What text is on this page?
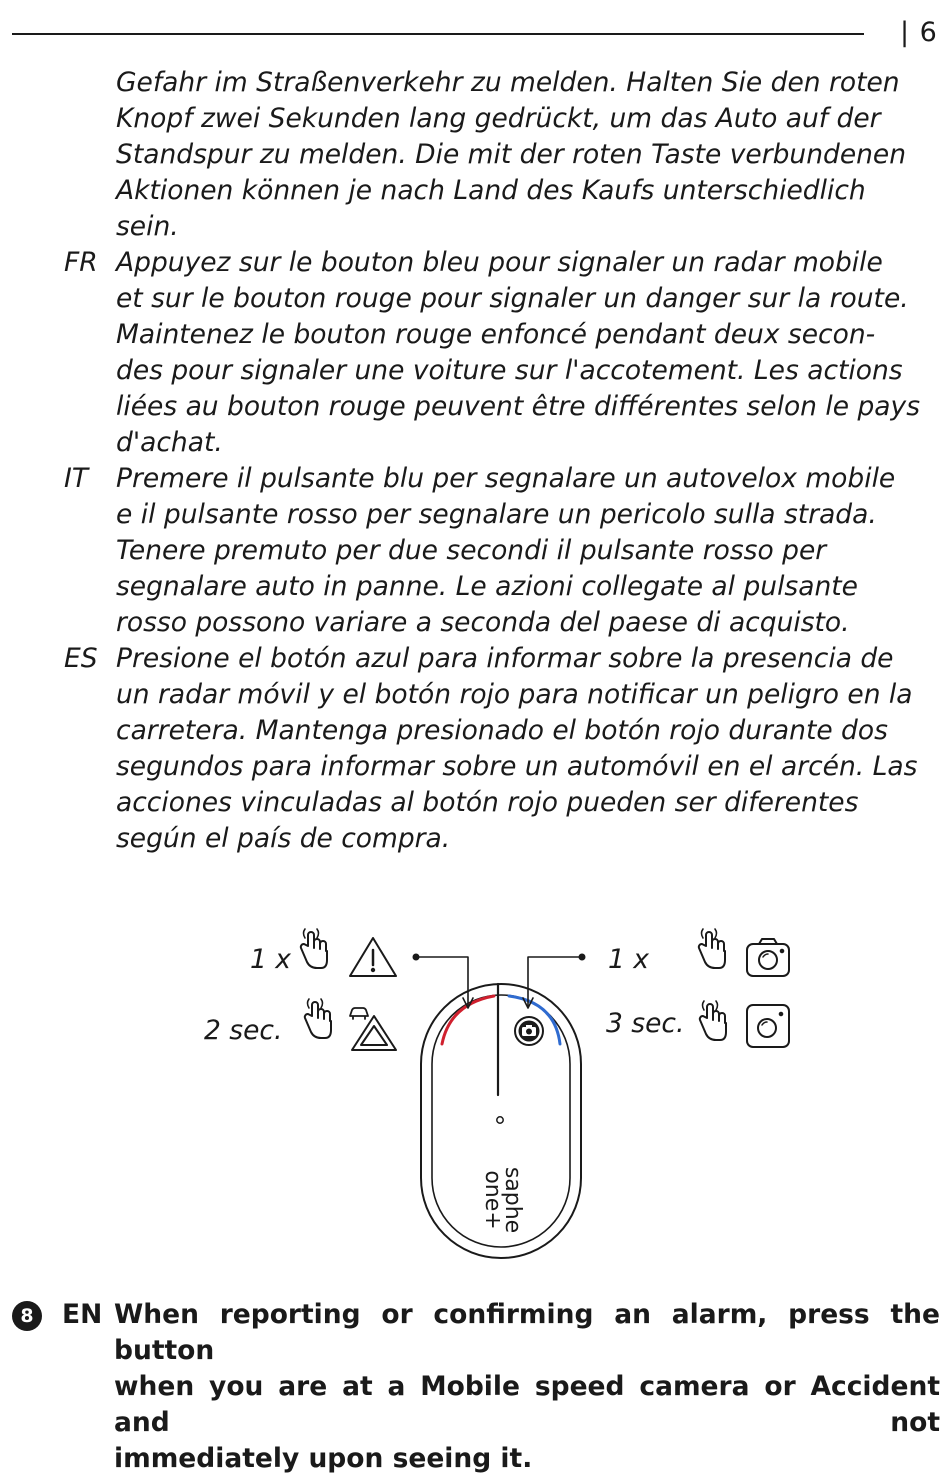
| 6
Gefahr im Straßenverkehr zu melden. Halten Sie den roten
Knopf zwei Sekunden lang gedrückt, um das Auto auf der
Standspur zu melden. Die mit der roten Taste verbundenen
Aktionen können je nach Land des Kaufs unterschiedlich
sein.
FR Appuyez sur le bouton bleu pour signaler un radar mobile
et sur le bouton rouge pour signaler un danger sur la route.
Maintenez le bouton rouge enfoncé pendant deux secon-
des pour signaler une voiture sur l'accotement. Les actions
liées au bouton rouge peuvent être différentes selon le pays
d'achat.
IT Premere il pulsante blu per segnalare un autovelox mobile
e il pulsante rosso per segnalare un pericolo sulla strada.
Tenere premuto per due secondi il pulsante rosso per
segnalare auto in panne. Le azioni collegate al pulsante
rosso possono variare a seconda del paese di acquisto.
ES Presione el botón azul para informar sobre la presencia de
un radar móvil y el botón rojo para notificar un peligro en la
carretera. Mantenga presionado el botón rojo durante dos
segundos para informar sobre un automóvil en el arcén. Las
acciones vinculadas al botón rojo pueden ser diferentes
según el país de compra.
1 x
2 sec.
1 x
3 sec.
saphe
one+
8	EN When reporting or confirming an alarm, press the button
when you are at a Mobile speed camera or Accident and not
immediately upon seeing it.
